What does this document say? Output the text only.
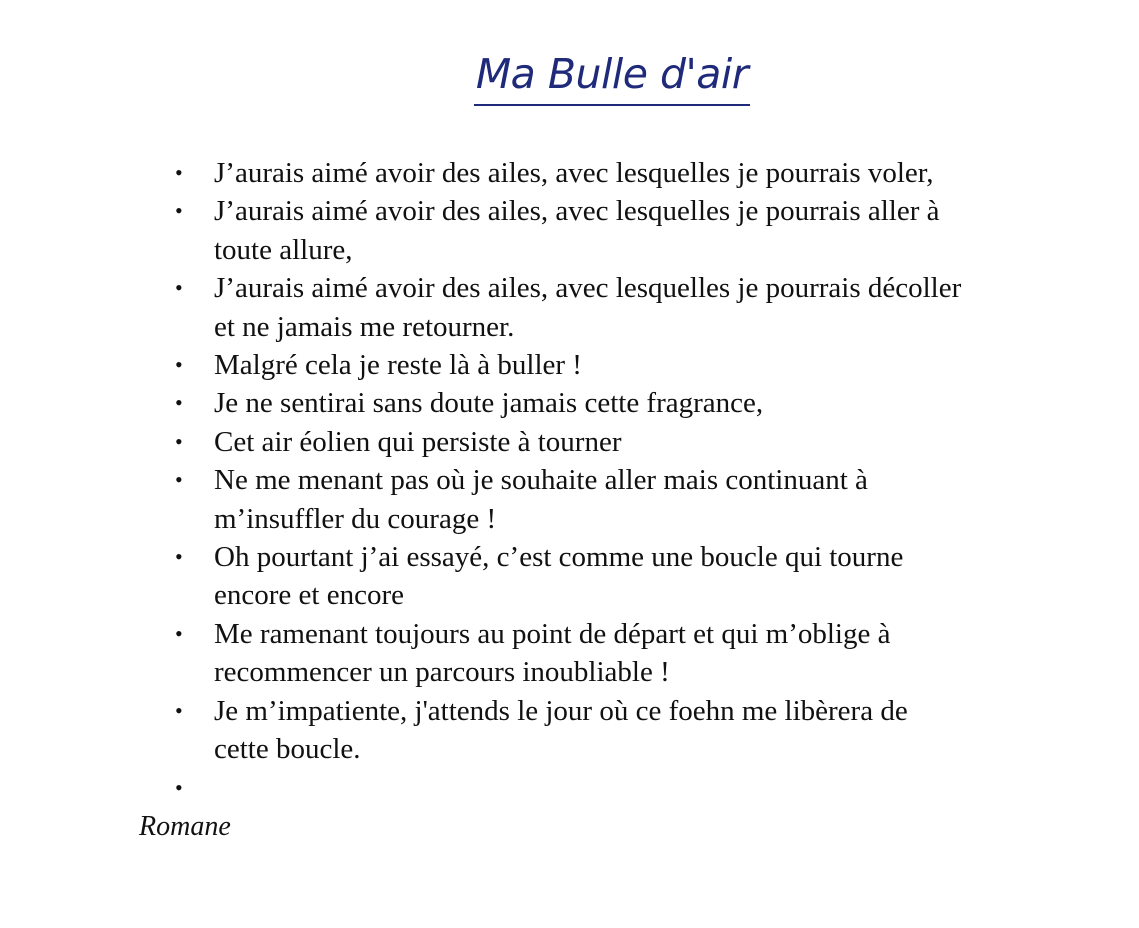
Ma Bulle d'air
• J’aurais aimé avoir des ailes, avec lesquelles je pourrais voler,
• J’aurais aimé avoir des ailes, avec lesquelles je pourrais aller à
toute allure,
• J’aurais aimé avoir des ailes, avec lesquelles je pourrais décoller
et ne jamais me retourner.
• Malgré cela je reste là à buller !
• Je ne sentirai sans doute jamais cette fragrance,
• Cet air éolien qui persiste à tourner
• Ne me menant pas où je souhaite aller mais continuant à
m’insuffler du courage !
• Oh pourtant j’ai essayé, c’est comme une boucle qui tourne
encore et encore
• Me ramenant toujours au point de départ et qui m’oblige à
recommencer un parcours inoubliable !
• Je m’impatiente, j'attends le jour où ce foehn me libèrera de
cette boucle.
•
Romane
